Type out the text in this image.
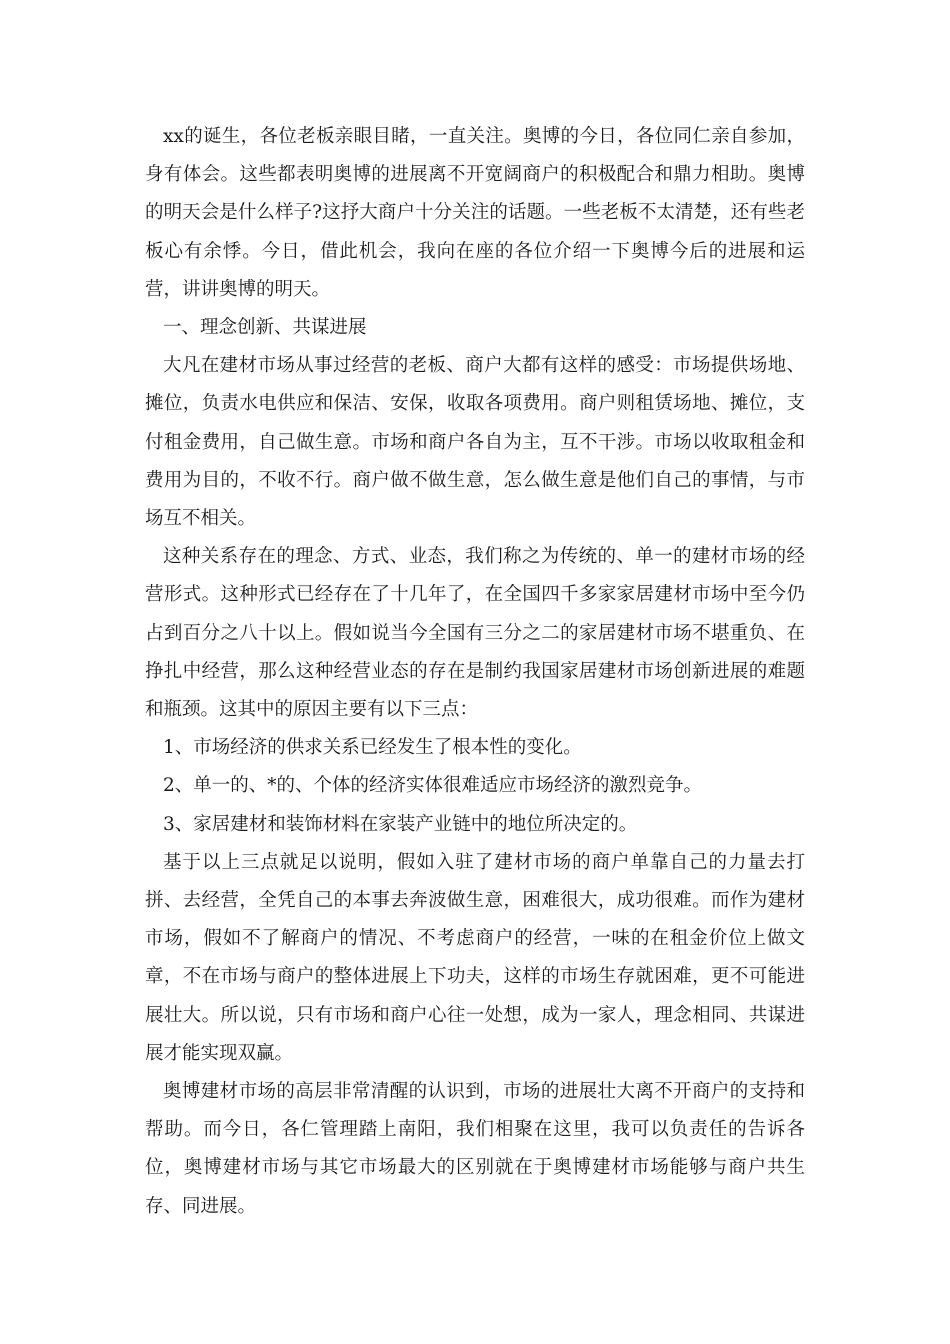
xx的诞生，各位老板亲眼目睹，一直关注。奥博的今日，各位同仁亲自参加，身有体会。这些都表明奥博的进展离不开宽阔商户的积极配合和鼎力相助。奥博的明天会是什么样子?这抒大商户十分关注的话题。一些老板不太清楚，还有些老板心有余悸。今日，借此机会，我向在座的各位介绍一下奥博今后的进展和运营，讲讲奥博的明天。

一、理念创新、共谋进展

大凡在建材市场从事过经营的老板、商户大都有这样的感受：市场提供场地、摊位，负责水电供应和保洁、安保，收取各项费用。商户则租赁场地、摊位，支付租金费用，自己做生意。市场和商户各自为主，互不干涉。市场以收取租金和费用为目的，不收不行。商户做不做生意，怎么做生意是他们自己的事情，与市场互不相关。

这种关系存在的理念、方式、业态，我们称之为传统的、单一的建材市场的经营形式。这种形式已经存在了十几年了，在全国四千多家家居建材市场中至今仍占到百分之八十以上。假如说当今全国有三分之二的家居建材市场不堪重负、在挣扎中经营，那么这种经营业态的存在是制约我国家居建材市场创新进展的难题和瓶颈。这其中的原因主要有以下三点：

1、市场经济的供求关系已经发生了根本性的变化。

2、单一的、*的、个体的经济实体很难适应市场经济的激烈竞争。

3、家居建材和装饰材料在家装产业链中的地位所决定的。

基于以上三点就足以说明，假如入驻了建材市场的商户单靠自己的力量去打拼、去经营，全凭自己的本事去奔波做生意，困难很大，成功很难。而作为建材市场，假如不了解商户的情况、不考虑商户的经营，一味的在租金价位上做文章，不在市场与商户的整体进展上下功夫，这样的市场生存就困难，更不可能进展壮大。所以说，只有市场和商户心往一处想，成为一家人，理念相同、共谋进展才能实现双赢。

奥博建材市场的高层非常清醒的认识到，市场的进展壮大离不开商户的支持和帮助。而今日，各仁管理踏上南阳，我们相聚在这里，我可以负责任的告诉各位，奥博建材市场与其它市场最大的区别就在于奥博建材市场能够与商户共生存、同进展。
